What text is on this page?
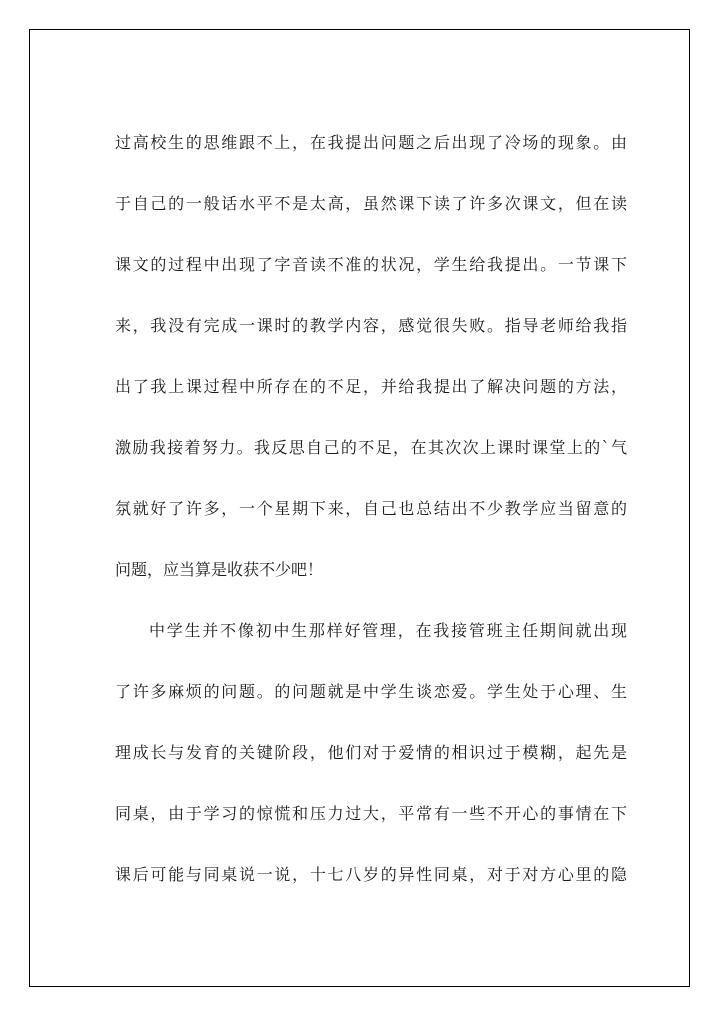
过高校生的思维跟不上，在我提出问题之后出现了冷场的现象。由
于自己的一般话水平不是太高，虽然课下读了许多次课文，但在读
课文的过程中出现了字音读不准的状况，学生给我提出。一节课下
来，我没有完成一课时的教学内容，感觉很失败。指导老师给我指
出了我上课过程中所存在的不足，并给我提出了解决问题的方法，
激励我接着努力。我反思自己的不足，在其次次上课时课堂上的`气
氛就好了许多，一个星期下来，自己也总结出不少教学应当留意的
问题，应当算是收获不少吧！
中学生并不像初中生那样好管理，在我接管班主任期间就出现
了许多麻烦的问题。的问题就是中学生谈恋爱。学生处于心理、生
理成长与发育的关键阶段，他们对于爱情的相识过于模糊，起先是
同桌，由于学习的惊慌和压力过大，平常有一些不开心的事情在下
课后可能与同桌说一说，十七八岁的异性同桌，对于对方心里的隐
